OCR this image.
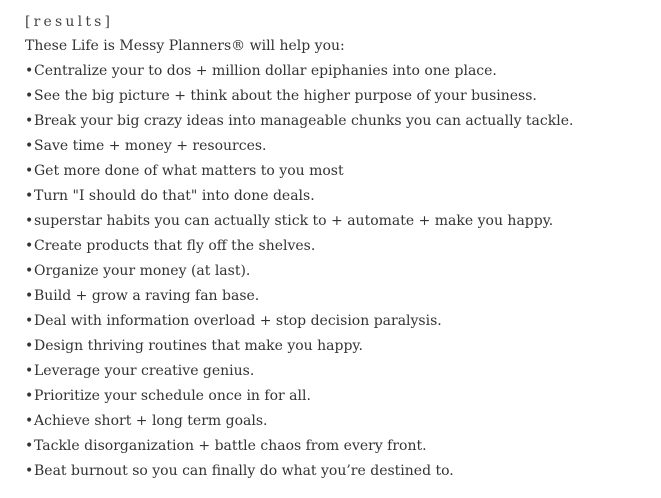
[results]
These Life is Messy Planners® will help you:
•Centralize your to dos + million dollar epiphanies into one place.
•See the big picture + think about the higher purpose of your business.
•Break your big crazy ideas into manageable chunks you can actually tackle.
•Save time + money + resources.
•Get more done of what matters to you most
•Turn "I should do that" into done deals.
•superstar habits you can actually stick to + automate + make you happy.
•Create products that fly off the shelves.
•Organize your money (at last).
•Build + grow a raving fan base.
•Deal with information overload + stop decision paralysis.
•Design thriving routines that make you happy.
•Leverage your creative genius.
•Prioritize your schedule once in for all.
•Achieve short + long term goals.
•Tackle disorganization + battle chaos from every front.
•Beat burnout so you can finally do what you’re destined to.
